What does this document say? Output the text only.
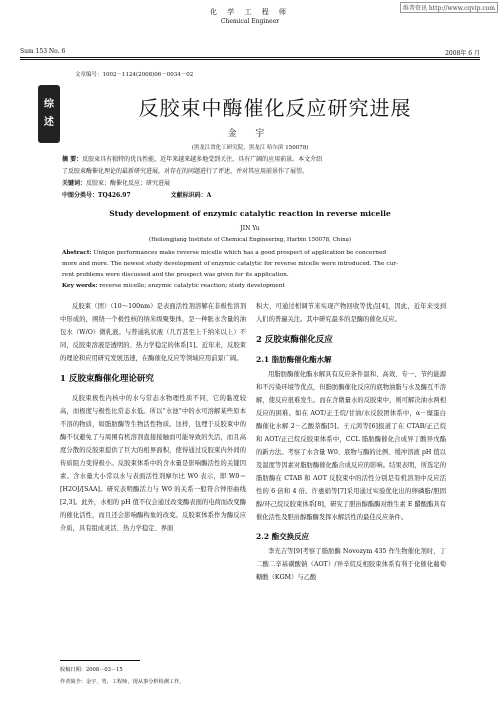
维普资讯 http://www.cqvip.com
化 学 工 程 师
Chemical Engineer
Sum 153 No. 6	2008年 6 月
文章编号：1002－1124(2008)06－0034－02
综
述
反胶束中酶催化反应研究进展
金 宇
(黑龙江省化工研究院，黑龙江 哈尔滨 150078)
摘 要：反胶束具有独特的优良性能，近年来越来越多地受到关注，具有广阔的应用前景。本文介绍
了反胶束酶催化理论的最新研究进展，对存在的问题进行了评述，并对其应用前景作了展望。
关键词：反胶束；酶催化反应；研究进展
中图分类号：TQ426.97	文献标识码：A
Study development of enzymic catalytic reaction in reverse micelle
JIN Yu
(Heilongjiang Institute of Chemical Engineering, Harbin 150078, China)
Abstract: Unique performances make reverse micelle which has a good prospect of application be concerned
more and more. The newest study development of enzymic catalytic for reverse micelle were introduced. The cur-
rent problems were discussed and the prospect was given for its application.
Key words: reverse micelle; enzymic catalytic reaction; study development

反胶束（团）（10～100nm）是表面活性剂溶解在非极性溶剂中形成的，围绕一个极性核的纳米级聚集体，是一种胀水含量的油包水（W/O）微乳液。与普通乳状液（几百甚至上千纳米以上）不同，反胶束溶液是透明的、热力学稳定的体系[1]。近年来，反胶束的理论和应用研究发展迅速，在酶催化反应等领域应用前景广阔。

1 反胶束酶催化理论研究

反胶束极性内核中的水与常态水物理性质不同，它的黏度较高，而极度与极性比常态水低。所以“水池”中的水可溶解某些原本不溶的物质，如脂肪酶等生物活性物质。这样，包埋于反胶束中的酶不仅避免了与周围有机溶剂直接接触而可能导致的失活，而且高度分散的反胶束提供了巨大的相界面积，使得通过反胶束内外间的传质阻力变得极小。反胶束体系中的含水量是影响酶活性的关键因素。含水量大小常以水与表面活性剂摩尔比 W0 表示，即 W0＝[H2O]/[SAA]。研究表明酶活力与 W0 的关系一般符合钟形曲线[2,3]。此外，水相的 pH 值不仅会通过改变酶表面的电荷而改变酶的催化活性，而且还会影响酶构象的改变。反胶束体系作为酶反应介质，具有组成灵活、热力学稳定、界面

积大、可通过相调节来实现产物回收等优点[4]，因此，近年来受到人们的普遍关注。其中研究最多的是酶的催化反应。

2 反胶束酶催化反应

2.1 脂肪酶催化酯水解

用脂肪酶催化酯水解具有反应条件温和、高效、专一、节约能源和不污染环境等优点，但脂肪酶催化反应的底物油脂与水及酶互不溶解，使反应很难发生。而在含微量水的反胶束中，则可解决油水两相反应的困难。如在 AOT/正壬烷/甘油/水反胶团体系中，α－糜蛋白酶催化水解 2－乙酸萘酯[5]。王元鸿等[6]报道了在 CTAB/正己烷和 AOT/正己烷反胶束体系中，CCL 脂肪酶催化合成异丁酸异戊酯的新方法。考察了水含量 W0、底物与酶的比例、缓冲溶液 pH 值以及温度等因素对脂肪酶催化酯合成反应的影响。结果表明，所选定的脂肪酶在 CTAB 和 AOT 反胶束中的活性分别是有机溶剂中反应活性的 6 倍和 4 倍。许惠娟等[7]采用通过实验优化出的卵磷脂/胆固醇/环己烷反胶束体系[8]，研究了胆甾醇酯酶对维生素 E 醋酸酯具有催化活性及胆甾醇酯酶发挥水解活性的最佳反应条件。

2.2 酯交换反应

李光吉等[9]考察了脂肪酶 Novozym 435 作生物催化剂时，丁二酸二辛基磺酸钠（AOT）/异辛烷反相胶束体系有利于化催化葡萄糖酸（KGM）与乙酸

收稿日期：2008－03－15
作者简介：金宇，男，工程师，现从事分析检测工作。
